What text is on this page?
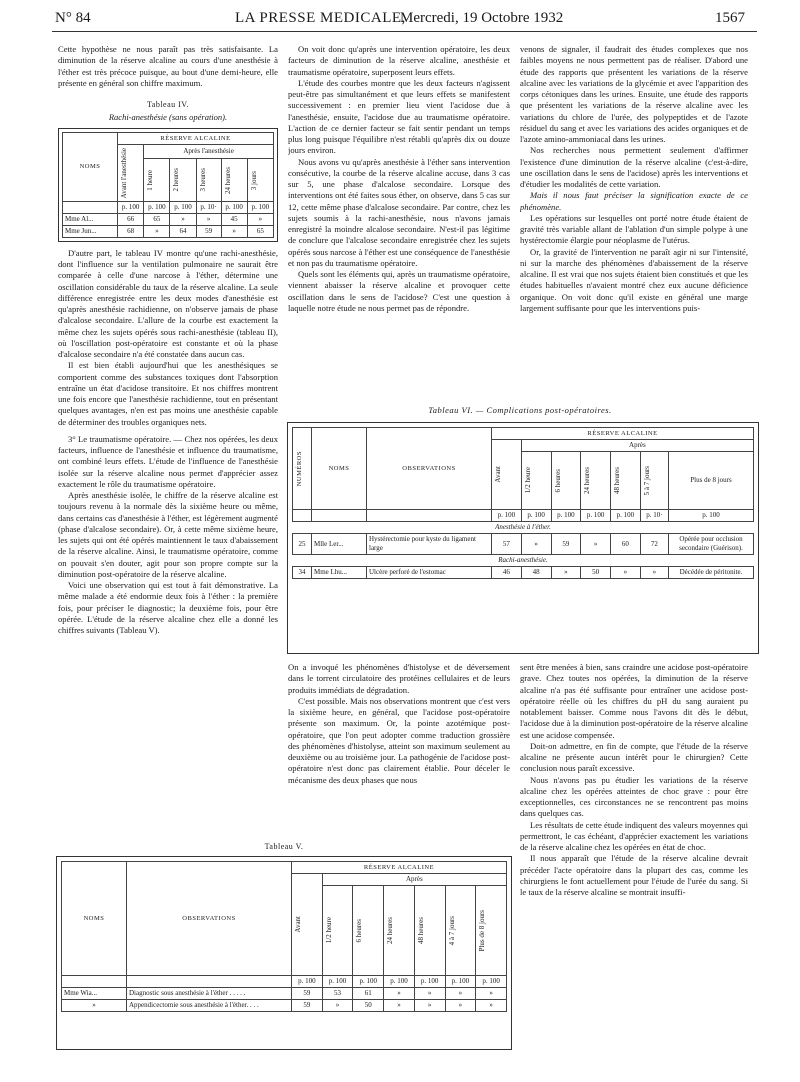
N° 84	LA PRESSE MEDICALE,
Mercredi, 19 Octobre 1932	1567

Cette hypothèse ne nous paraît pas très satisfaisante. La diminution de la réserve alcaline au cours d'une anesthésie à l'éther est très précoce puisque, au bout d'une demi-heure, elle présente en général son chiffre maximum.

Tableau IV.
Rachi-anesthésie (sans opération).
NOMS	RÉSERVE ALCALINE					

	Avant l'anesthésie	Après l'anesthésie				

		1 heure	2 heures	3 heures	24 heures	3 jours

	p. 100	p. 100	p. 100	p. 10·	p. 100	p. 100
Mme Al...	66	65	»	»	45	»
Mme Jun...	68	»	64	59	»	65

D'autre part, le tableau IV montre qu'une rachi-anesthésie, dont l'influence sur la ventilation pulmonaire ne saurait être comparée à celle d'une narcose à l'éther, détermine une oscillation considérable du taux de la réserve alcaline. La seule différence enregistrée entre les deux modes d'anesthésie est qu'après anesthésie rachidienne, on n'observe jamais de phase d'alcalose secondaire. L'allure de la courbe est exactement la même chez les sujets opérés sous rachi-anesthésie (tableau II), où l'oscillation post-opératoire est constante et où la phase d'alcalose secondaire n'a été constatée dans aucun cas.

Il est bien établi aujourd'hui que les anesthésiques se comportent comme des substances toxiques dont l'absorption entraîne un état d'acidose transitoire. Et nos chiffres montrent une fois encore que l'anesthésie rachidienne, tout en présentant quelques avantages, n'en est pas moins une anesthésie capable de déterminer des troubles organiques nets.

3° Le traumatisme opératoire. — Chez nos opérées, les deux facteurs, influence de l'anesthésie et influence du traumatisme, ont combiné leurs effets. L'étude de l'influence de l'anesthésie isolée sur la réserve alcaline nous permet d'apprécier assez exactement le rôle du traumatisme opératoire.

Après anesthésie isolée, le chiffre de la réserve alcaline est toujours revenu à la normale dès la sixième heure ou même, dans certains cas d'anesthésie à l'éther, est légèrement augmenté (phase d'alcalose secondaire). Or, à cette même sixième heure, les sujets qui ont été opérés maintiennent le taux d'abaissement de la réserve alcaline. Ainsi, le traumatisme opératoire, comme on pouvait s'en douter, agit pour son propre compte sur la diminution post-opératoire de la réserve alcaline.

Voici une observation qui est tout à fait démonstrative. La même malade a été endormie deux fois à l'éther : la première fois, pour préciser le diagnostic; la deuxième fois, pour être opérée. L'étude de la réserve alcaline chez elle a donné les chiffres suivants (Tableau V).

On voit donc qu'après une intervention opératoire, les deux facteurs de diminution de la réserve alcaline, anesthésie et traumatisme opératoire, superposent leurs effets.

L'étude des courbes montre que les deux facteurs n'agissent peut-être pas simultanément et que leurs effets se manifestent successivement : en premier lieu vient l'acidose due à l'anesthésie, ensuite, l'acidose due au traumatisme opératoire. L'action de ce dernier facteur se fait sentir pendant un temps plus long puisque l'équilibre n'est rétabli qu'après dix ou douze jours environ.

Nous avons vu qu'après anesthésie à l'éther sans intervention consécutive, la courbe de la réserve alcaline accuse, dans 3 cas sur 5, une phase d'alcalose secondaire. Lorsque des interventions ont été faites sous éther, on observe, dans 5 cas sur 12, cette même phase d'alcalose secondaire. Par contre, chez les sujets soumis à la rachi-anesthésie, nous n'avons jamais enregistré la moindre alcalose secondaire. N'est-il pas légitime de conclure que l'alcalose secondaire enregistrée chez les sujets opérés sous narcose à l'éther est une conséquence de l'anesthésie et non pas du traumatisme opératoire.

Quels sont les éléments qui, après un traumatisme opératoire, viennent abaisser la réserve alcaline et provoquer cette oscillation dans le sens de l'acidose? C'est une question à laquelle notre étude ne nous permet pas de répondre.

venons de signaler, il faudrait des études complexes que nos faibles moyens ne nous permettent pas de réaliser. D'abord une étude des rapports que présentent les variations de la réserve alcaline avec les variations de la glycémie et avec l'apparition des corps cétoniques dans les urines. Ensuite, une étude des rapports que présentent les variations de la réserve alcaline avec les variations du chlore de l'urée, des polypeptides et de l'azote résiduel du sang et avec les variations des acides organiques et de l'azote amino-ammoniacal dans les urines.

Nos recherches nous permettent seulement d'affirmer l'existence d'une diminution de la réserve alcaline (c'est-à-dire, une oscillation dans le sens de l'acidose) après les interventions et d'étudier les modalités de cette variation.

Mais il nous faut préciser la signification exacte de ce phénomène.

Les opérations sur lesquelles ont porté notre étude étaient de gravité très variable allant de l'ablation d'un simple polype à une hystérectomie élargie pour néoplasme de l'utérus.

Or, la gravité de l'intervention ne paraît agir ni sur l'intensité, ni sur la marche des phénomènes d'abaissement de la réserve alcaline. Il est vrai que nos sujets étaient bien constitués et que les études habituelles n'avaient montré chez eux aucune déficience organique. On voit donc qu'il existe en général une marge largement suffisante pour que les interventions puis-

Tableau VI. — Complications post-opératoires.
NUMÉROS	NOMS	OBSERVATIONS	RÉSERVE ALCALINE						

			Avant	Après					

				1/2 heure	6 heures	24 heures	48 heures	5 à 7 jours	Plus de 8 jours
			p. 100	p. 100	p. 100	p. 100	p. 100	p. 10·	p. 100
Anesthésie à l'éther.									
25	Mlle Ler...	Hystérectomie pour kyste du ligament large	57	»	59	»	60	72	Opérée pour occlusion secondaire (Guérison).
Rachi-anesthésie.									
34	Mme Lhu...	Ulcère perforé de l'estomac	46	48	»	50	»	»	Décédée de péritonite.

On a invoqué les phénomènes d'histolyse et de déversement dans le torrent circulatoire des protéines cellulaires et de leurs produits immédiats de dégradation.

C'est possible. Mais nos observations montrent que c'est vers la sixième heure, en général, que l'acidose post-opératoire présente son maximum. Or, la pointe azotémique post-opératoire, que l'on peut adopter comme traduction grossière des phénomènes d'histolyse, atteint son maximum seulement au deuxième ou au troisième jour. La pathogénie de l'acidose post-opératoire n'est donc pas clairement établie. Pour déceler le mécanisme des deux phases que nous

sent être menées à bien, sans craindre une acidose post-opératoire grave. Chez toutes nos opérées, la diminution de la réserve alcaline n'a pas été suffisante pour entraîner une acidose post-opératoire réelle où les chiffres du pH du sang auraient pu notablement baisser. Comme nous l'avons dit dès le début, l'acidose due à la diminution post-opératoire de la réserve alcaline est une acidose compensée.

Doit-on admettre, en fin de compte, que l'étude de la réserve alcaline ne présente aucun intérêt pour le chirurgien? Cette conclusion nous paraît excessive.

Nous n'avons pas pu étudier les variations de la réserve alcaline chez les opérées atteintes de choc grave : pour être exceptionnelles, ces circonstances ne se rencontrent pas moins dans quelques cas.

Les résultats de cette étude indiquent des valeurs moyennes qui permettront, le cas échéant, d'apprécier exactement les variations de la réserve alcaline chez les opérées en état de choc.

Il nous apparaît que l'étude de la réserve alcaline devrait précéder l'acte opératoire dans la plupart des cas, comme les chirurgiens le font actuellement pour l'étude de l'urée du sang. Si le taux de la réserve alcaline se montrait insuffi-

Tableau V.
NOMS	OBSERVATIONS	RÉSERVE ALCALINE						

		Avant	Après					

			1/2 heure	6 heures	24 heures	48 heures	4 à 7 jours	Plus de 8 jours

		p. 100	p. 100	p. 100	p. 100	p. 100	p. 100	p. 100
Mme Wia...	Diagnostic sous anesthésie à l'éther . . . . .	59	53	61	»	»	»	»
»	Appendicectomie sous anesthésie à l'éther. . . .	59	»	50	»	»	»	»
